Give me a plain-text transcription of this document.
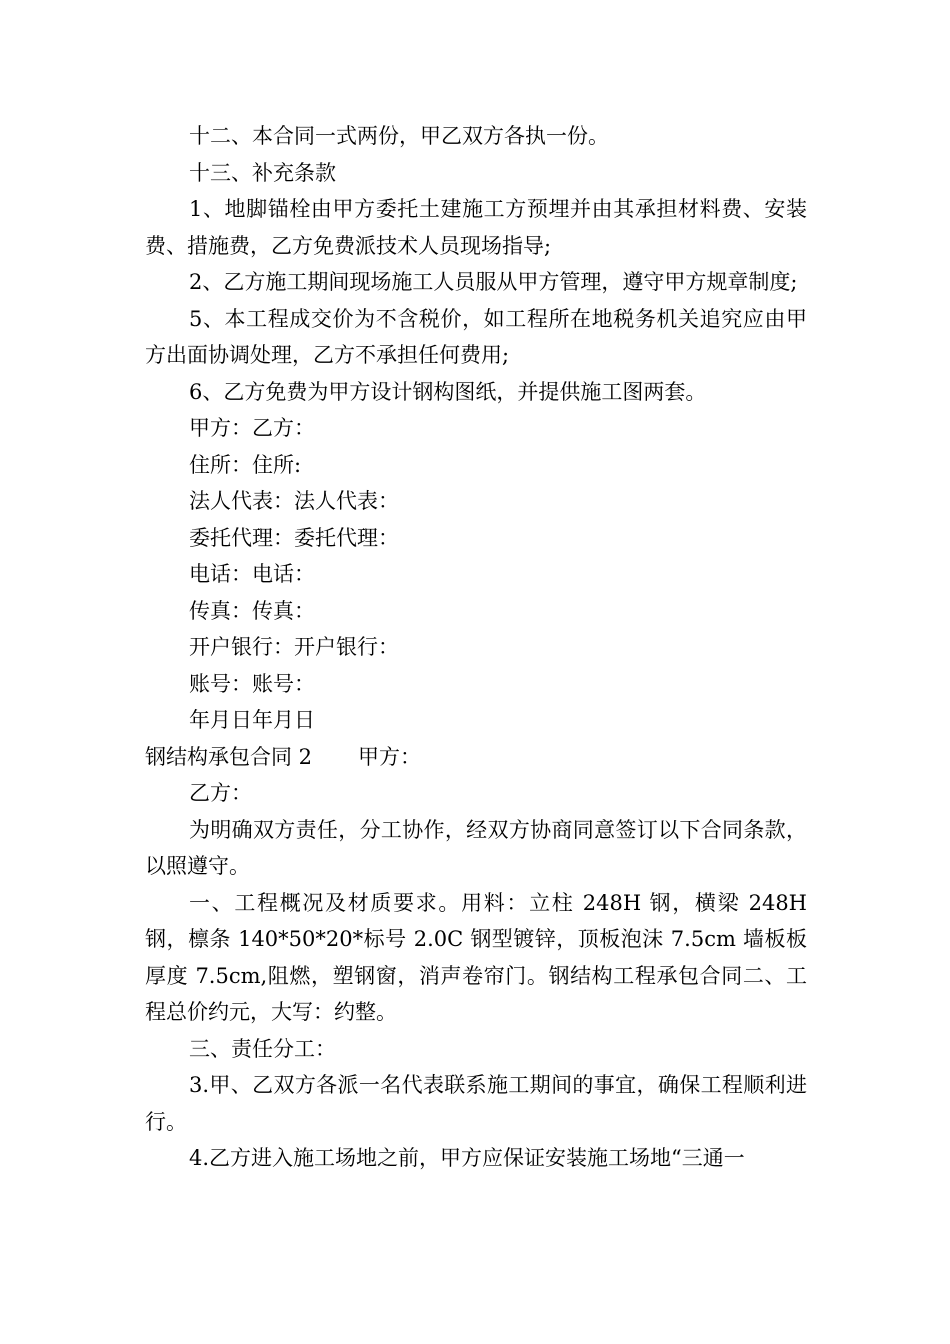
十二、本合同一式两份，甲乙双方各执一份。

十三、补充条款

1、地脚锚栓由甲方委托土建施工方预埋并由其承担材料费、安装费、措施费，乙方免费派技术人员现场指导;

2、乙方施工期间现场施工人员服从甲方管理，遵守甲方规章制度;

5、本工程成交价为不含税价，如工程所在地税务机关追究应由甲方出面协调处理，乙方不承担任何费用;

6、乙方免费为甲方设计钢构图纸，并提供施工图两套。

甲方：乙方：

住所：住所:

法人代表：法人代表：

委托代理：委托代理：

电话：电话：

传真：传真：

开户银行：开户银行：

账号：账号：

年月日年月日

钢结构承包合同 2 甲方：

乙方：

为明确双方责任，分工协作，经双方协商同意签订以下合同条款，以照遵守。

一、工程概况及材质要求。用料：立柱 248H 钢，横梁 248H 钢，檩条 140*50*20*标号 2.0C 钢型镀锌，顶板泡沫 7.5cm 墙板板厚度 7.5cm,阻燃，塑钢窗，消声卷帘门。钢结构工程承包合同二、工程总价约元，大写：约整。

三、责任分工：

3.甲、乙双方各派一名代表联系施工期间的事宜，确保工程顺利进行。

4.乙方进入施工场地之前，甲方应保证安装施工场地“三通一
